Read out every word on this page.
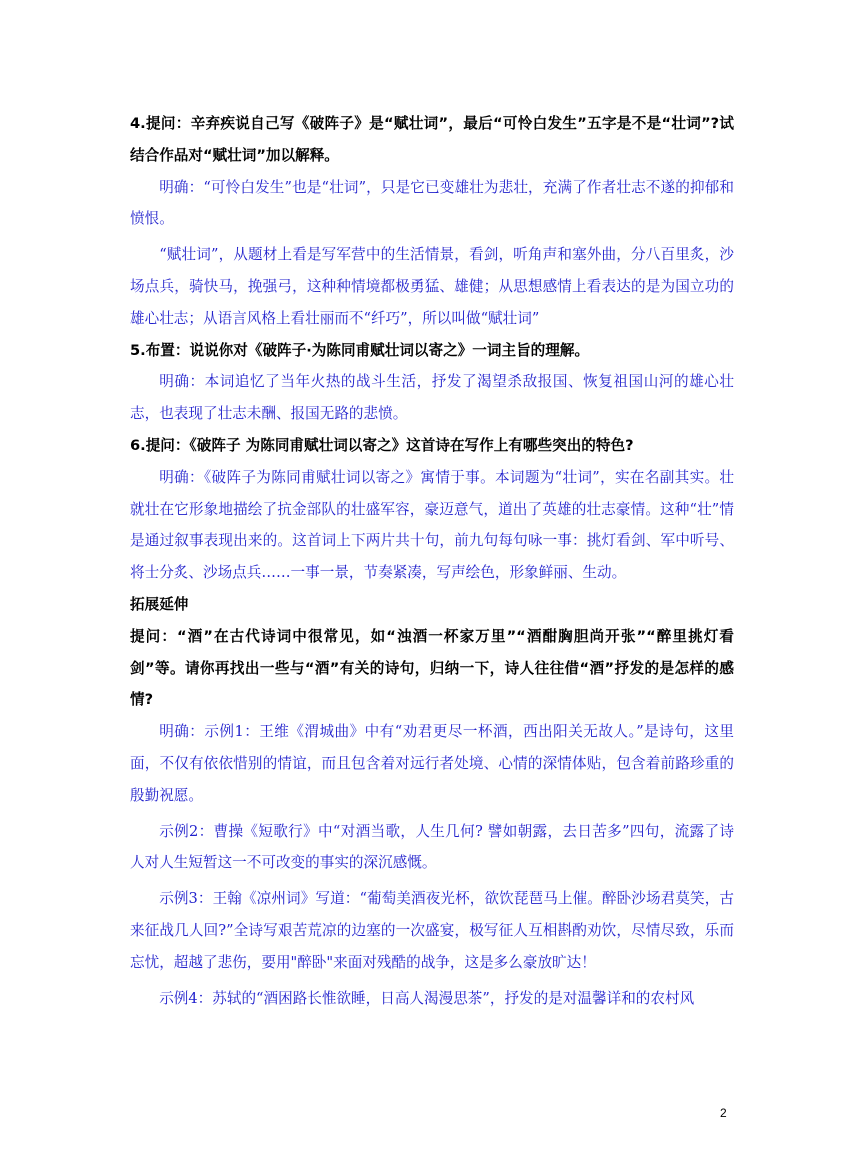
4.提问：辛弃疾说自己写《破阵子》是“赋壮词”，最后“可怜白发生”五字是不是“壮词”?试结合作品对“赋壮词”加以解释。

明确：“可怜白发生”也是“壮词”，只是它已变雄壮为悲壮，充满了作者壮志不遂的抑郁和愤恨。

“赋壮词”，从题材上看是写军营中的生活情景，看剑，听角声和塞外曲，分八百里炙，沙场点兵，骑快马，挽强弓，这种种情境都极勇猛、雄健；从思想感情上看表达的是为国立功的雄心壮志；从语言风格上看壮丽而不“纤巧”，所以叫做“赋壮词”

5.布置：说说你对《破阵子·为陈同甫赋壮词以寄之》一词主旨的理解。

明确：本词追忆了当年火热的战斗生活，抒发了渴望杀敌报国、恢复祖国山河的雄心壮志，也表现了壮志未酬、报国无路的悲愤。

6.提问：《破阵子 为陈同甫赋壮词以寄之》这首诗在写作上有哪些突出的特色?

明确：《破阵子为陈同甫赋壮词以寄之》寓情于事。本词题为“壮词”，实在名副其实。壮就壮在它形象地描绘了抗金部队的壮盛军容，豪迈意气，道出了英雄的壮志豪情。这种“壮”情是通过叙事表现出来的。这首词上下两片共十句，前九句每句咏一事：挑灯看剑、军中听号、将士分炙、沙场点兵……一事一景，节奏紧凑，写声绘色，形象鲜丽、生动。

拓展延伸

提问：“酒”在古代诗词中很常见，如“浊酒一杯家万里”“酒酣胸胆尚开张”“醉里挑灯看剑”等。请你再找出一些与“酒”有关的诗句，归纳一下，诗人往往借“酒”抒发的是怎样的感情?

明确：示例1：王维《渭城曲》中有“劝君更尽一杯酒，西出阳关无故人。”是诗句，这里面，不仅有依依惜别的情谊，而且包含着对远行者处境、心情的深情体贴，包含着前路珍重的殷勤祝愿。

示例2：曹操《短歌行》中“对酒当歌，人生几何? 譬如朝露，去日苦多”四句，流露了诗人对人生短暂这一不可改变的事实的深沉感慨。

示例3：王翰《凉州词》写道：“葡萄美酒夜光杯，欲饮琵琶马上催。醉卧沙场君莫笑，古来征战几人回?”全诗写艰苦荒凉的边塞的一次盛宴，极写征人互相斟酌劝饮，尽情尽致，乐而忘忧，超越了悲伤，要用"醉卧"来面对残酷的战争，这是多么豪放旷达！

示例4：苏轼的“酒困路长惟欲睡，日高人渴漫思茶”，抒发的是对温馨详和的农村风

2
